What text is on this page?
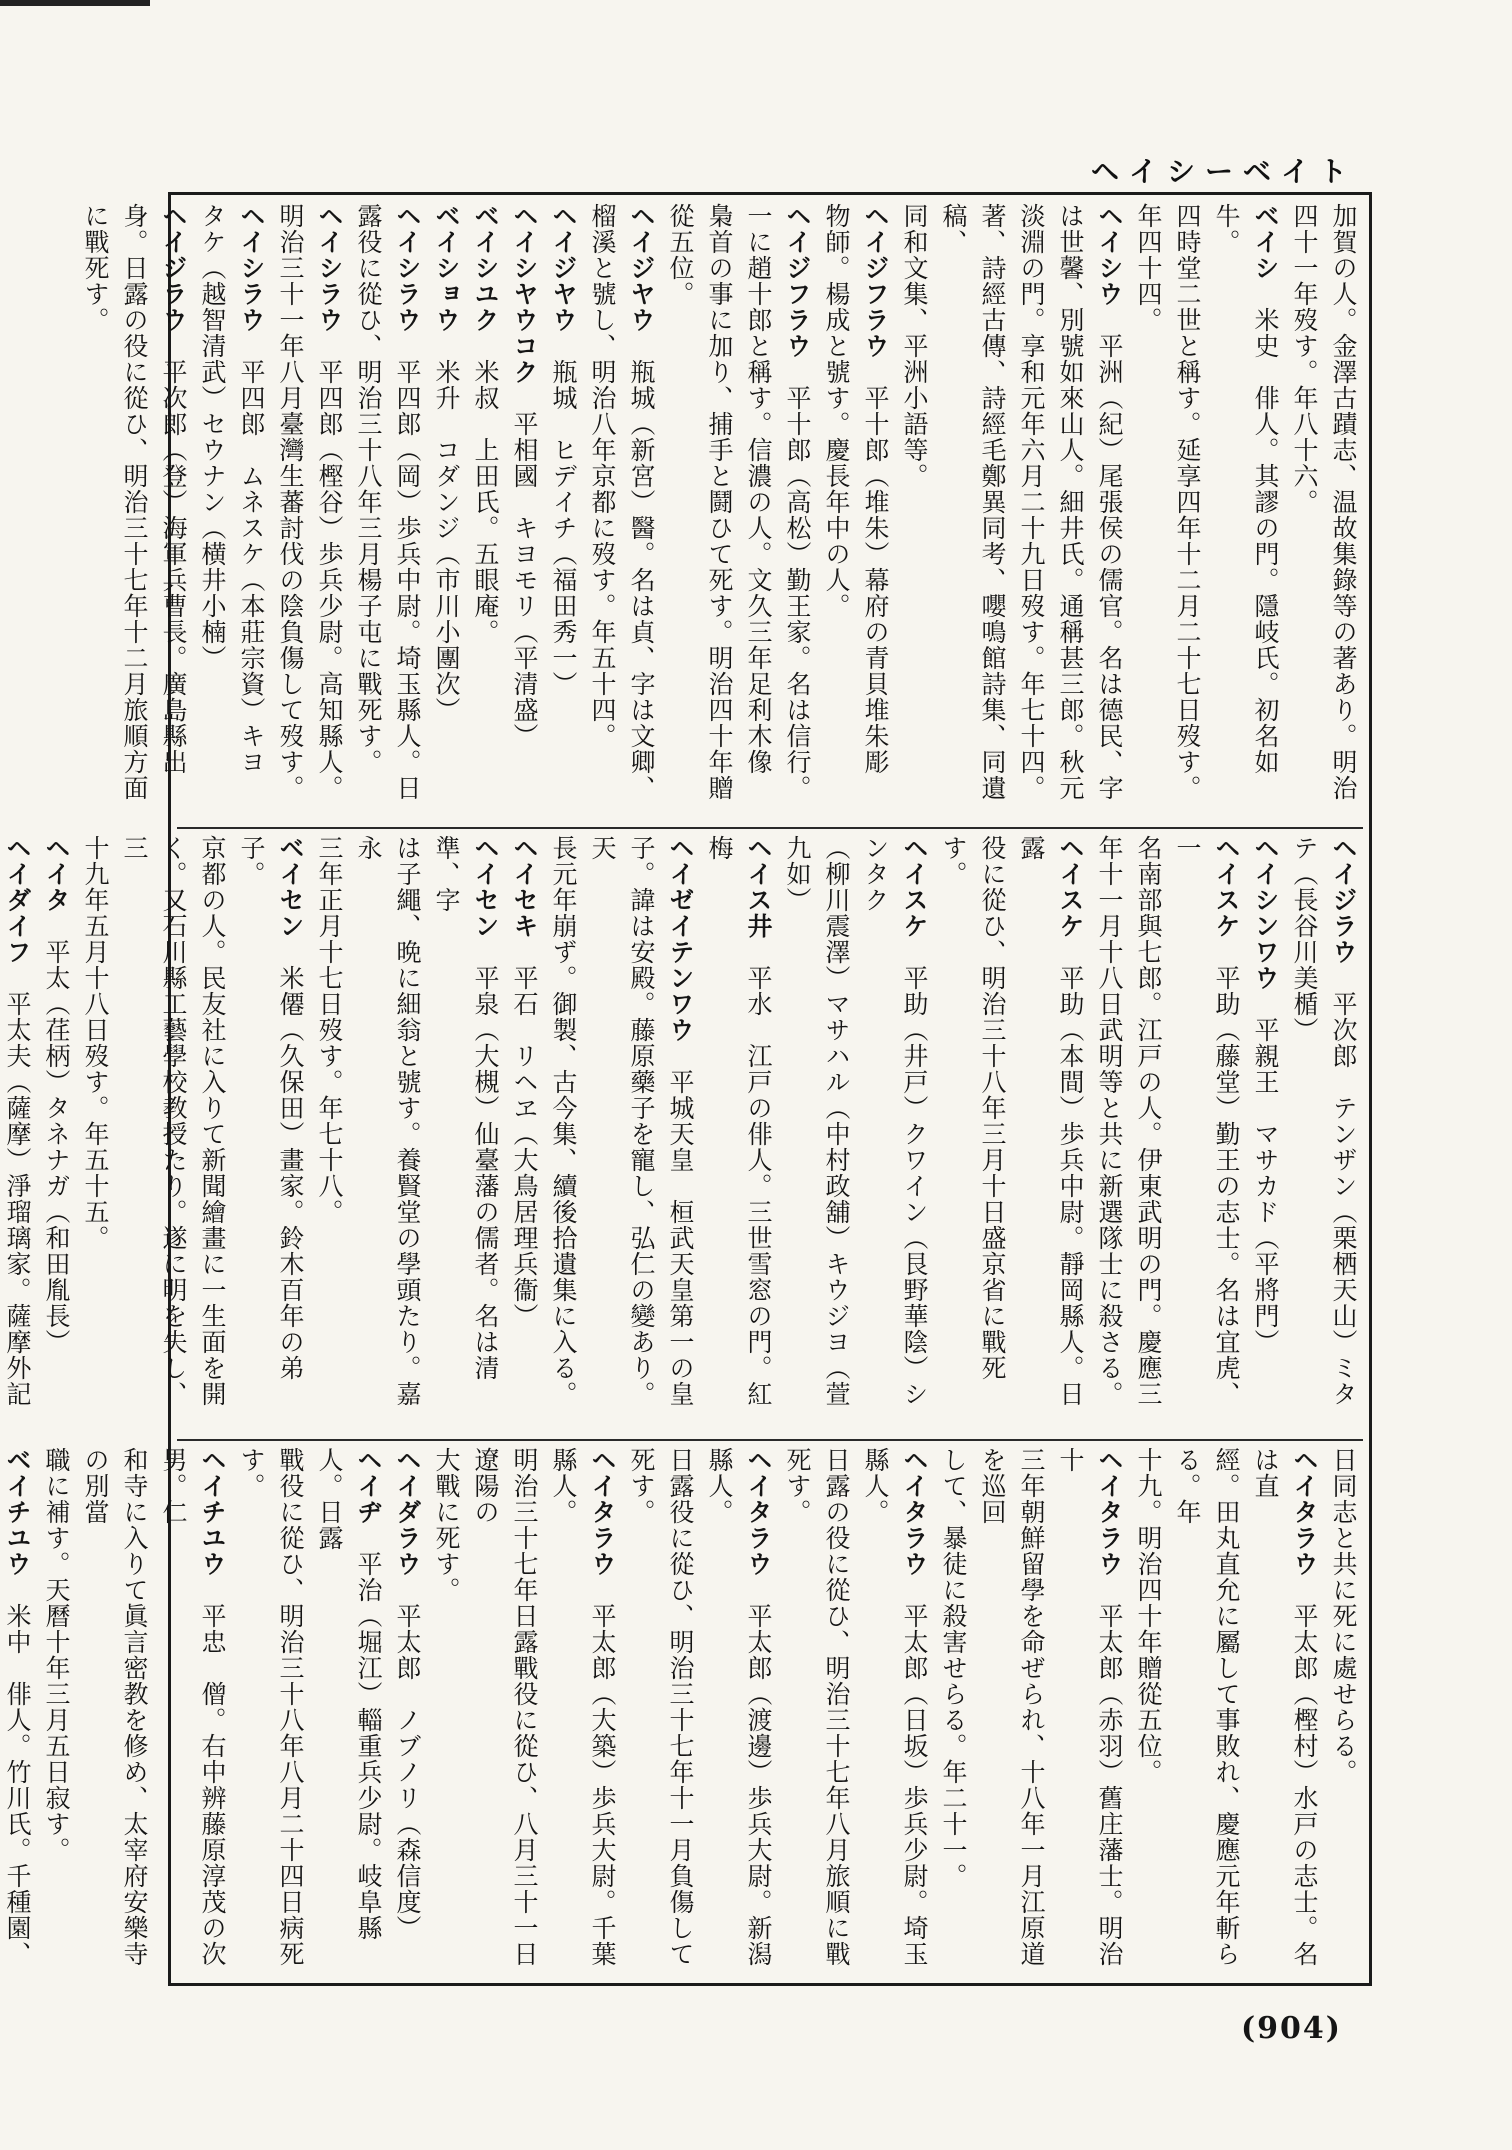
ヘイシーベイト
加賀の人。金澤古蹟志、温故集錄等の著あり。明治
四十一年歿す。年八十六。
ベイシ　米史　俳人。其謬の門。隱岐氏。初名如牛。
四時堂二世と稱す。延享四年十二月二十七日歿す。
年四十四。
ヘイシウ　平洲（紀）尾張侯の儒官。名は德民、字
は世馨、別號如來山人。細井氏。通稱甚三郎。秋元
淡淵の門。享和元年六月二十九日歿す。年七十四。
著、詩經古傳、詩經毛鄭異同考、嚶鳴館詩集、同遺稿、
同和文集、平洲小語等。
ヘイジフラウ　平十郎（堆朱）幕府の青貝堆朱彫
物師。楊成と號す。慶長年中の人。
ヘイジフラウ　平十郎（高松）勤王家。名は信行。
一に趙十郎と稱す。信濃の人。文久三年足利木像
梟首の事に加り、捕手と鬪ひて死す。明治四十年贈
從五位。
ヘイジヤウ　瓶城（新宮）醫。名は貞、字は文卿、
榴溪と號し、明治八年京都に歿す。年五十四。
ヘイジヤウ　瓶城　ヒデイチ（福田秀一）
ヘイシヤウコク　平相國　キヨモリ（平清盛）
ベイシユク　米叔　上田氏。五眼庵。
ベイショウ　米升　コダンジ（市川小團次）
ヘイシラウ　平四郎（岡）歩兵中尉。埼玉縣人。日
露役に從ひ、明治三十八年三月楊子屯に戰死す。
ヘイシラウ　平四郎（樫谷）歩兵少尉。高知縣人。
明治三十一年八月臺灣生蕃討伐の陰負傷して歿す。
ヘイシラウ　平四郎　ムネスケ（本莊宗資）キヨ
タケ（越智清武）セウナン（横井小楠）
ヘイジラウ　平次郎（登）海軍兵曹長。廣島縣出
身。日露の役に從ひ、明治三十七年十二月旅順方面
に戰死す。
ヘイジラウ　平次郎　テンザン（栗栖天山）ミタ
テ（長谷川美楯）
ヘイシンワウ　平親王　マサカド（平將門）
ヘイスケ　平助（藤堂）勤王の志士。名は宜虎、一
名南部與七郎。江戸の人。伊東武明の門。慶應三
年十一月十八日武明等と共に新選隊士に殺さる。
ヘイスケ　平助（本間）歩兵中尉。靜岡縣人。日露
役に從ひ、明治三十八年三月十日盛京省に戰死す。
ヘイスケ　平助（井戸）クワイン（艮野華陰）シンタク
（柳川震澤）マサハル（中村政舖）キウジヨ（萱九如）
ヘイス井　平水　江戸の俳人。三世雪窓の門。紅梅
ヘイゼイテンワウ　平城天皇　桓武天皇第一の皇
子。諱は安殿。藤原藥子を寵し、弘仁の變あり。天
長元年崩ず。御製、古今集、續後拾遺集に入る。
ヘイセキ　平石　リヘヱ（大鳥居理兵衞）
ヘイセン　平泉（大槻）仙臺藩の儒者。名は清準、字
は子繩、晩に細翁と號す。養賢堂の學頭たり。嘉永
三年正月十七日歿す。年七十八。
ベイセン　米僊（久保田）畫家。鈴木百年の弟子。
京都の人。民友社に入りて新聞繪畫に一生面を開
く。又石川縣工藝學校教授たり。遂に明を失し、三
十九年五月十八日歿す。年五十五。
ヘイタ　平太（荏柄）タネナガ（和田胤長）
ヘイダイフ　平太夫（薩摩）淨瑠璃家。薩摩外記
日同志と共に死に處せらる。
ヘイタラウ　平太郎（樫村）水戸の志士。名は直
經。田丸直允に屬して事敗れ、慶應元年斬らる。年
十九。明治四十年贈從五位。
ヘイタラウ　平太郎（赤羽）舊庄藩士。明治十
三年朝鮮留學を命ぜられ、十八年一月江原道を巡回
して、暴徒に殺害せらる。年二十一。
ヘイタラウ　平太郎（日坂）歩兵少尉。埼玉縣人。
日露の役に從ひ、明治三十七年八月旅順に戰死す。
ヘイタラウ　平太郎（渡邊）歩兵大尉。新潟縣人。
日露役に從ひ、明治三十七年十一月負傷して死す。
ヘイタラウ　平太郎（大築）歩兵大尉。千葉縣人。
明治三十七年日露戰役に從ひ、八月三十一日遼陽の
大戰に死す。
ヘイダラウ　平太郎　ノブノリ（森信度）
ヘイヂ　平治（堀江）輜重兵少尉。岐阜縣人。日露
戰役に從ひ、明治三十八年八月二十四日病死す。
ヘイチユウ　平忠　僧。右中辨藤原淳茂の次男。仁
和寺に入りて眞言密教を修め、太宰府安樂寺の別當
職に補す。天曆十年三月五日寂す。
ベイチユウ　米中　俳人。竹川氏。千種園、
(904)
